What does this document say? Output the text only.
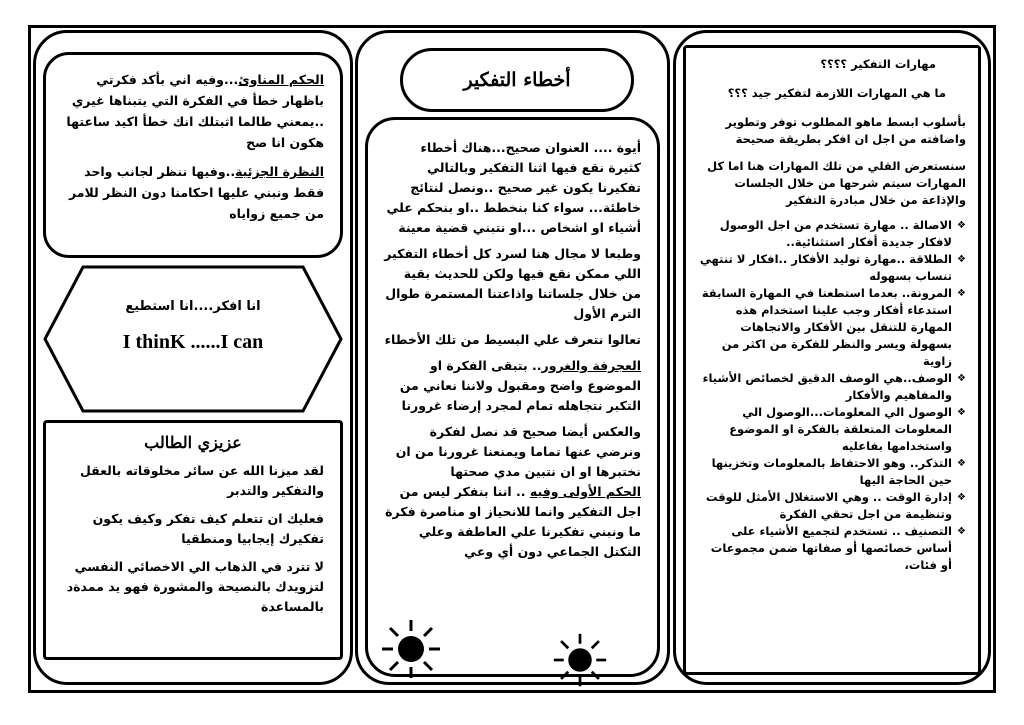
الحكم المناوئ...وفيه اني بأكد فكرتي باظهار خطأ في الفكرة التي يتبناها غيري ..يمعني طالما اثبتلك انك خطأ اكيد ساعتها هكون انا صح

النظرة الجزئية..وفيها ننظر لجانب واحد فقط ونبني عليها احكامنا دون النظر للامر من جميع زواياه

انا افكر....انا استطيع
I thinK ......I can
عزيزي الطالب

لقد ميزنا الله عن سائر مخلوقاته بالعقل والتفكير والتدبر

فعليك ان تتعلم كيف تفكر وكيف يكون تفكيرك إيجابيا ومنطقيا

لا تترد في الذهاب الي الاخصائي النفسي لتزويدك بالنصيحة والمشورة فهو يد ممدةد بالمساعدة

أخطاء التفكير

أيوة .... العنوان صحيح...هناك أخطاء كثيرة نقع فيها اثنا التفكير وبالتالي تفكيرنا يكون غير صحيح ..ونصل لنتائج خاطئة... سواء كنا بنخطط ..او بنحكم علي أشياء او اشخاص ...او نتبني قضية معينة

وطبعا لا مجال هنا لسرد كل أخطاء التفكير اللي ممكن نقع فيها ولكن للحديث بقية من خلال جلساتنا واذاعتنا المستمرة طوال الترم الأول

تعالوا نتعرف علي البسيط من تلك الأخطاء

العجرفة والغرور.. بتبقى الفكرة او الموضوع واضح ومقبول ولاننا نعاني من التكبر نتجاهله تمام لمجرد إرضاء غرورنا

والعكس أيضا صحيح قد نصل لفكرة ونرضي عنها تماما ويمنعنا غرورنا من ان نختبرها او ان نتبين مدي صحتها

الحكم الأولى وفيه .. اننا بنفكر ليس من اجل التفكير وانما للانحياز او مناصرة فكرة ما ونبني تفكيرنا علي العاطفة وعلي التكتل الجماعي دون أي وعي

مهارات التفكير ؟؟؟؟

ما هي المهارات اللازمة لتفكير جيد ؟؟؟

بأسلوب ابسط ماهو المطلوب توفر وتطوير واضافته من اجل ان افكر بطريقة صحيحة

سنستعرض القلي من تلك المهارات هنا اما كل المهارات سيتم شرحها من خلال الجلسات والإذاعة من خلال مبادرة التفكير

❖ الاصالة .. مهارة تستخدم من اجل الوصول لافكار جديدة أفكار استثنائية..

❖ الطلاقة ..مهارة توليد الأفكار ..افكار لا تنتهي تنساب بسهوله

❖ المرونة.. بعدما استطعنا في المهارة السابقة استدعاء أفكار وجب علينا استخدام هذه المهارة للتنقل بين الأفكار والاتجاهات بسهولة ويسر والنظر للفكرة من اكثر من زاوية

❖ الوصف..هي الوصف الدقيق لخصائص الأشياء والمفاهيم والأفكار

❖ الوصول الي المعلومات...الوصول الي المعلومات المتعلقة بالفكرة او الموضوع واستخدامها بفاعليه

❖ التذكر.. وهو الاحتفاظ بالمعلومات وتخزينها حين الحاجة اليها

❖ إدارة الوقت .. وهي الاستغلال الأمثل للوقت وتنظيمة من اجل تحقي الفكرة

❖ التصنيف .. تستخدم لتجميع الأشياء على أساس خصائصها أو صفاتها ضمن مجموعات أو فئات،
